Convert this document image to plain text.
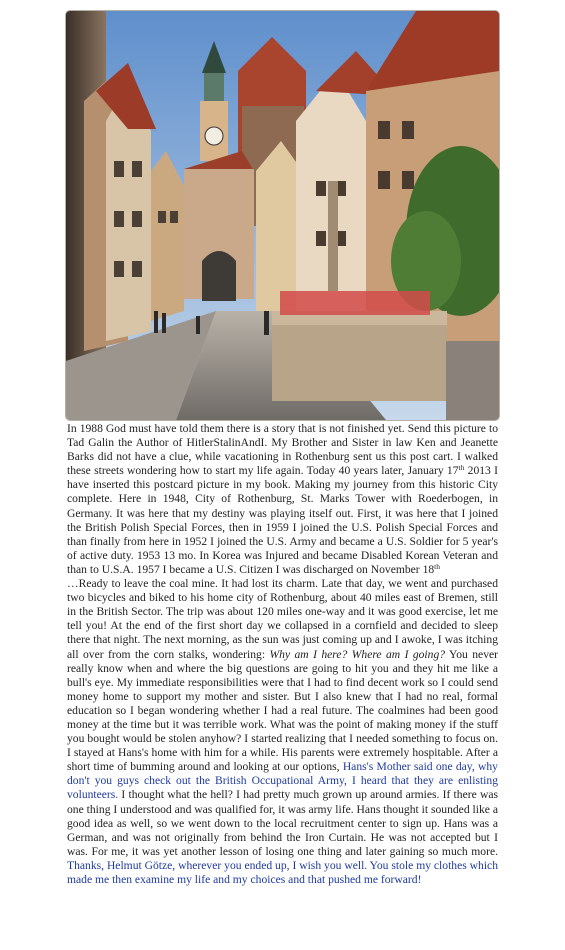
In 1988 God must have told them there is a story that is not finished yet. Send this picture to Tad Galin the Author of HitlerStalinAndI. My Brother and Sister in law Ken and Jeanette Barks did not have a clue, while vacationing in Rothenburg sent us this post cart. I walked these streets wondering how to start my life again. Today 40 years later, January 17th 2013 I have inserted this postcard picture in my book. Making my journey from this historic City complete. Here in 1948, City of Rothenburg, St. Marks Tower with Roederbogen, in Germany. It was here that my destiny was playing itself out. First, it was here that I joined the British Polish Special Forces, then in 1959 I joined the U.S. Polish Special Forces and than finally from here in 1952 I joined the U.S. Army and became a U.S. Soldier for 5 year's of active duty. 1953 13 mo. In Korea was Injured and became Disabled Korean Veteran and than to U.S.A. 1957 I became a U.S. Citizen I was discharged on November 18th

…Ready to leave the coal mine. It had lost its charm. Late that day, we went and purchased two bicycles and biked to his home city of Rothenburg, about 40 miles east of Bremen, still in the British Sector. The trip was about 120 miles one-way and it was good exercise, let me tell you! At the end of the first short day we collapsed in a cornfield and decided to sleep there that night. The next morning, as the sun was just coming up and I awoke, I was itching all over from the corn stalks, wondering: Why am I here? Where am I going? You never really know when and where the big questions are going to hit you and they hit me like a bull's eye. My immediate responsibilities were that I had to find decent work so I could send money home to support my mother and sister. But I also knew that I had no real, formal education so I began wondering whether I had a real future. The coalmines had been good money at the time but it was terrible work. What was the point of making money if the stuff you bought would be stolen anyhow? I started realizing that I needed something to focus on. I stayed at Hans's home with him for a while. His parents were extremely hospitable. After a short time of bumming around and looking at our options, Hans's Mother said one day, why don't you guys check out the British Occupational Army, I heard that they are enlisting volunteers. I thought what the hell? I had pretty much grown up around armies. If there was one thing I understood and was qualified for, it was army life. Hans thought it sounded like a good idea as well, so we went down to the local recruitment center to sign up. Hans was a German, and was not originally from behind the Iron Curtain. He was not accepted but I was. For me, it was yet another lesson of losing one thing and later gaining so much more. Thanks, Helmut Götze, wherever you ended up, I wish you well. You stole my clothes which made me then examine my life and my choices and that pushed me forward!
